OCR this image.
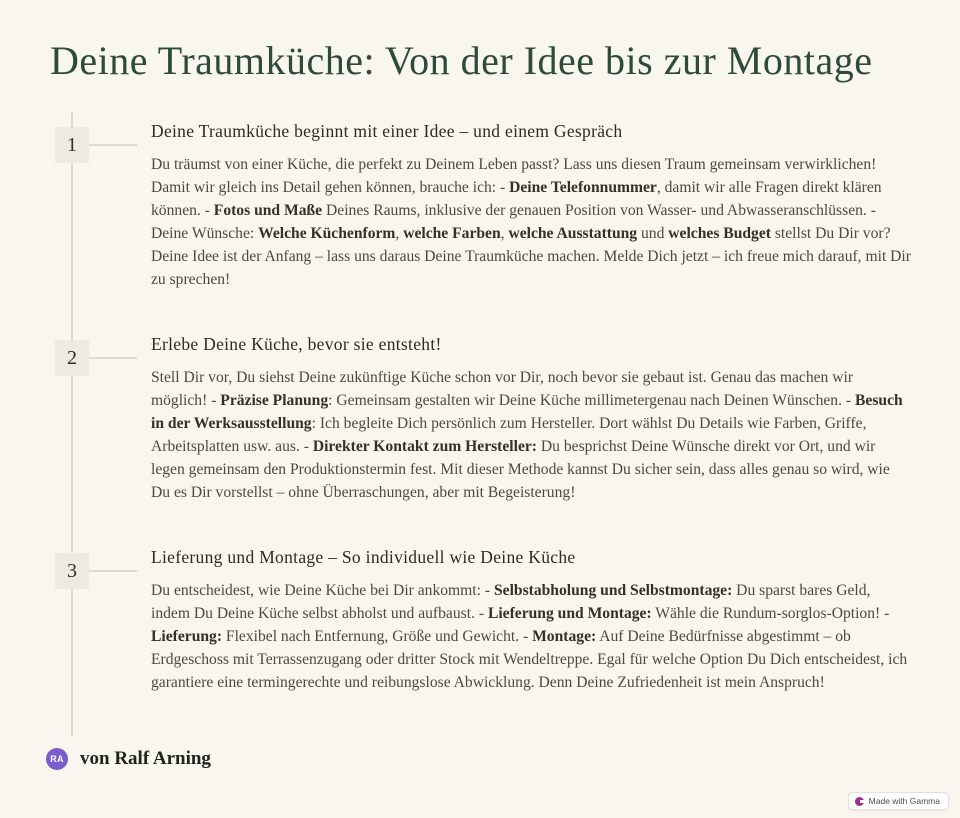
Deine Traumküche: Von der Idee bis zur Montage
1
Deine Traumküche beginnt mit einer Idee – und einem Gespräch

Du träumst von einer Küche, die perfekt zu Deinem Leben passt? Lass uns diesen Traum gemeinsam verwirklichen! Damit wir gleich ins Detail gehen können, brauche ich: - Deine Telefonnummer, damit wir alle Fragen direkt klären können. - Fotos und Maße Deines Raums, inklusive der genauen Position von Wasser- und Abwasseranschlüssen. - Deine Wünsche: Welche Küchenform, welche Farben, welche Ausstattung und welches Budget stellst Du Dir vor? Deine Idee ist der Anfang – lass uns daraus Deine Traumküche machen. Melde Dich jetzt – ich freue mich darauf, mit Dir zu sprechen!

2
Erlebe Deine Küche, bevor sie entsteht!

Stell Dir vor, Du siehst Deine zukünftige Küche schon vor Dir, noch bevor sie gebaut ist. Genau das machen wir möglich! - Präzise Planung: Gemeinsam gestalten wir Deine Küche millimetergenau nach Deinen Wünschen. - Besuch in der Werksausstellung: Ich begleite Dich persönlich zum Hersteller. Dort wählst Du Details wie Farben, Griffe, Arbeitsplatten usw. aus. - Direkter Kontakt zum Hersteller: Du besprichst Deine Wünsche direkt vor Ort, und wir legen gemeinsam den Produktionstermin fest. Mit dieser Methode kannst Du sicher sein, dass alles genau so wird, wie Du es Dir vorstellst – ohne Überraschungen, aber mit Begeisterung!

3
Lieferung und Montage – So individuell wie Deine Küche

Du entscheidest, wie Deine Küche bei Dir ankommt: - Selbstabholung und Selbstmontage: Du sparst bares Geld, indem Du Deine Küche selbst abholst und aufbaust. - Lieferung und Montage: Wähle die Rundum-sorglos-Option! - Lieferung: Flexibel nach Entfernung, Größe und Gewicht. - Montage: Auf Deine Bedürfnisse abgestimmt – ob Erdgeschoss mit Terrassenzugang oder dritter Stock mit Wendeltreppe. Egal für welche Option Du Dich entscheidest, ich garantiere eine termingerechte und reibungslose Abwicklung. Denn Deine Zufriedenheit ist mein Anspruch!

RA von Ralf Arning
Made with Gamma
